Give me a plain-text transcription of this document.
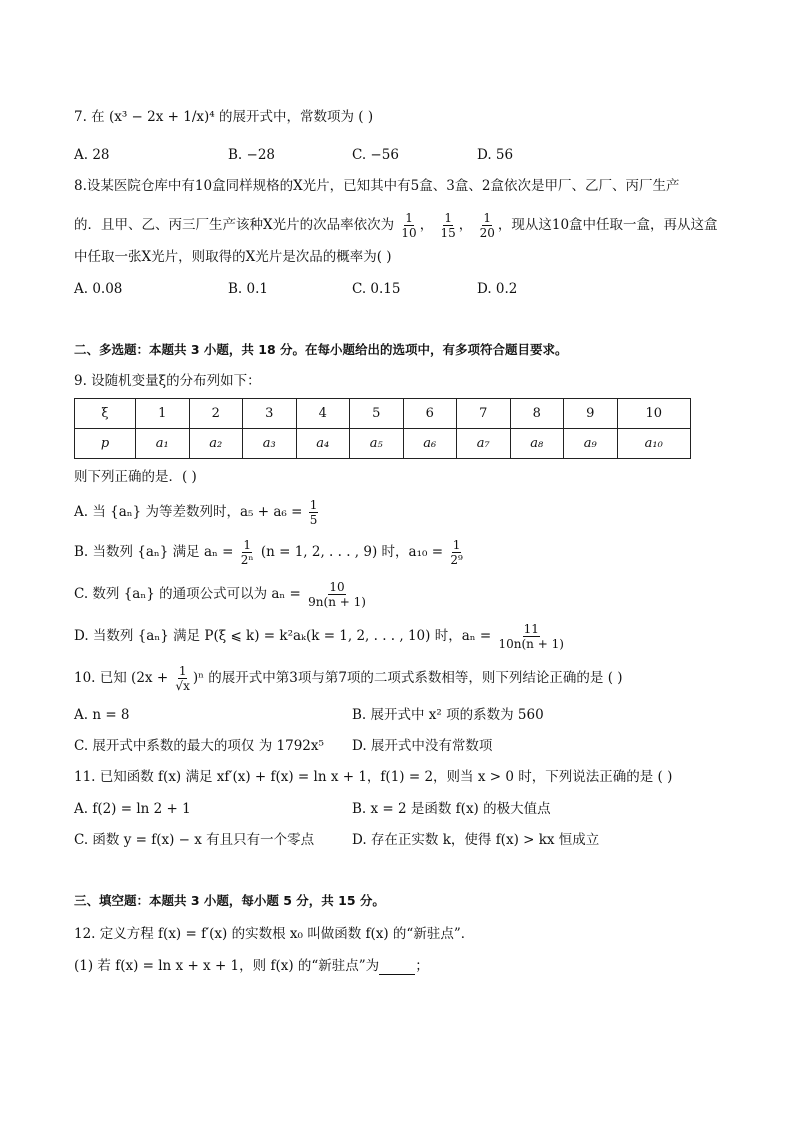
7. 在 (x³ − 2x + 1/x)⁴ 的展开式中，常数项为 ( )
A. 28	B. −28	C. −56	D. 56
8.设某医院仓库中有10盒同样规格的X光片，已知其中有5盒、3盒、2盒依次是甲厂、乙厂、丙厂生产
的．且甲、乙、丙三厂生产该种X光片的次品率依次为 $\frac{1}{10}$ ， $\frac{1}{15}$ ， $\frac{1}{20}$ ，现从这10盒中任取一盒，再从这盒
中任取一张X光片，则取得的X光片是次品的概率为( )
A. 0.08	B. 0.1	C. 0.15	D. 0.2
二、多选题：本题共 3 小题，共 18 分。在每小题给出的选项中，有多项符合题目要求。
9. 设随机变量ξ的分布列如下：
ξ	1	2	3	4	5	6	7	8	9	10
p	a₁	a₂	a₃	a₄	a₅	a₆	a₇	a₈	a₉	a₁₀
则下列正确的是．( )
A. 当 {aₙ} 为等差数列时，$a_5 + a_6 = \frac{1}{5}$
B. 当数列 {aₙ} 满足 $a_n = \frac{1}{\text{2ⁿ}} (n = 1$, 2, . . . , 9) 时，$a_{10} = \frac{1}{\text{2⁹}}$
C. 数列 {aₙ} 的通项公式可以为 $a_n = \frac{10}{9n(n + 1)}$
D. 当数列 {aₙ} 满足 P(ξ ⩽ k) = k²aₖ(k = 1, 2, . . . , 10) 时，$a_n = \frac{11}{10n(n + 1)}$
10. 已知 $(2x + \frac{1}{√x} )^n$ 的展开式中第3项与第7项的二项式系数相等，则下列结论正确的是 ( )
A. n = 8	B. 展开式中 x² 项的系数为 560
C. 展开式中系数的最大的项仅 为 1792x⁵ D. 展开式中没有常数项
11. 已知函数 f(x) 满足 xf′(x) + f(x) = ln x + 1，f(1) = 2，则当 x > 0 时，下列说法正确的是 ( )
A. f(2) = ln 2 + 1	B. x = 2 是函数 f(x) 的极大值点
C. 函数 y = f(x) − x 有且只有一个零点	D. 存在正实数 k，使得 f(x) > kx 恒成立
三、填空题：本题共 3 小题，每小题 5 分，共 15 分。
12. 定义方程 f(x) = f′(x) 的实数根 x₀ 叫做函数 f(x) 的“新驻点”．
(1) 若 f(x) = ln x + x + 1，则 f(x) 的“新驻点”为	；
